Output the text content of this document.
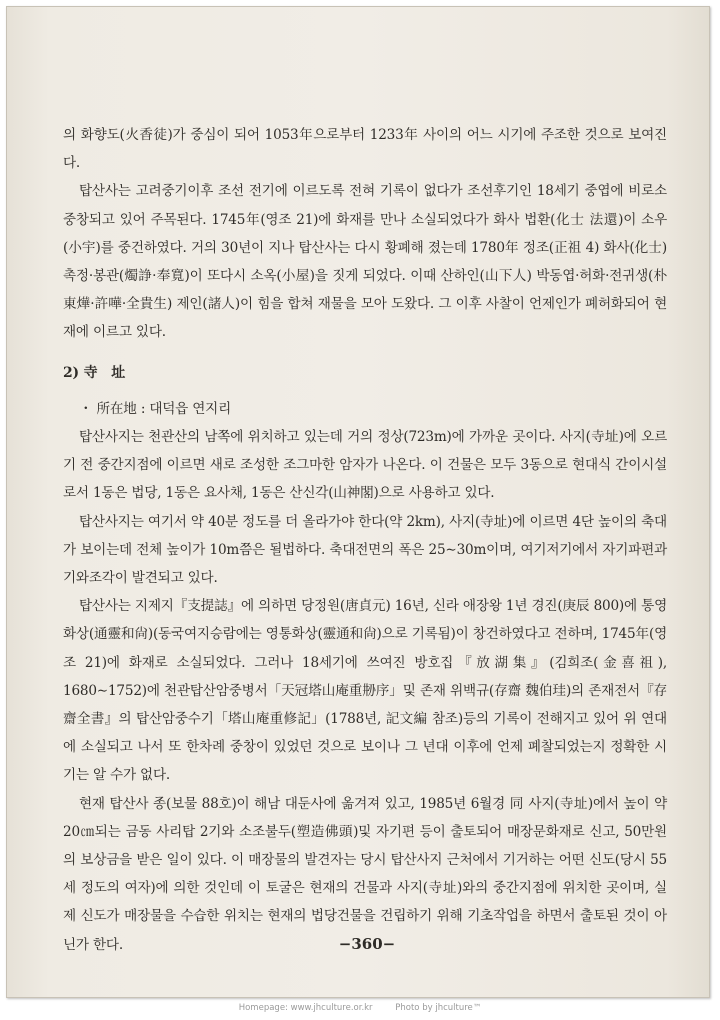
의 화향도(火香徒)가 중심이 되어 1053年으로부터 1233年 사이의 어느 시기에 주조한 것으로 보여진다.

탑산사는 고려중기이후 조선 전기에 이르도록 전혀 기록이 없다가 조선후기인 18세기 중엽에 비로소 중창되고 있어 주목된다. 1745年(영조 21)에 화재를 만나 소실되었다가 화사 법환(化士 法還)이 소우(小宇)를 중건하였다. 거의 30년이 지나 탑산사는 다시 황폐해 졌는데 1780年 정조(正祖 4) 화사(化士) 촉정·봉관(燭諍·奉寬)이 또다시 소옥(小屋)을 짓게 되었다. 이때 산하인(山下人) 박동엽·허화·전귀생(朴東燁·許嘩·全貴生) 제인(諸人)이 힘을 합쳐 재물을 모아 도왔다. 그 이후 사찰이 언제인가 폐허화되어 현재에 이르고 있다.

2) 寺　址

・ 所在地 : 대덕읍 연지리

탑산사지는 천관산의 남쪽에 위치하고 있는데 거의 정상(723m)에 가까운 곳이다. 사지(寺址)에 오르기 전 중간지점에 이르면 새로 조성한 조그마한 암자가 나온다. 이 건물은 모두 3동으로 현대식 간이시설로서 1동은 법당, 1동은 요사채, 1동은 산신각(山神閣)으로 사용하고 있다.

탑산사지는 여기서 약 40분 정도를 더 올라가야 한다(약 2km), 사지(寺址)에 이르면 4단 높이의 축대가 보이는데 전체 높이가 10m쯤은 될법하다. 축대전면의 폭은 25∼30m이며, 여기저기에서 자기파편과 기와조각이 발견되고 있다.

탑산사는 지제지『支提誌』에 의하면 당정원(唐貞元) 16년, 신라 애장왕 1년 경진(庚辰 800)에 통영화상(通靈和尙)(동국여지승람에는 영통화상(靈通和尙)으로 기록됨)이 창건하였다고 전하며, 1745年(영조 21)에 화재로 소실되었다. 그러나 18세기에 쓰여진 방호집『放湖集』(김희조(金喜祖), 1680∼1752)에 천관탑산암중병서「天冠塔山庵重刱序」및 존재 위백규(存齋 魏伯珪)의 존재전서『存齋全書』의 탑산암중수기「塔山庵重修記」(1788년, 記文編 참조)등의 기록이 전해지고 있어 위 연대에 소실되고 나서 또 한차례 중창이 있었던 것으로 보이나 그 년대 이후에 언제 폐찰되었는지 정확한 시기는 알 수가 없다.

현재 탑산사 종(보물 88호)이 해남 대둔사에 옮겨져 있고, 1985년 6월경 同 사지(寺址)에서 높이 약 20㎝되는 금동 사리탑 2기와 소조불두(塑造佛頭)및 자기편 등이 출토되어 매장문화재로 신고, 50만원의 보상금을 받은 일이 있다. 이 매장물의 발견자는 당시 탑산사지 근처에서 기거하는 어떤 신도(당시 55세 정도의 여자)에 의한 것인데 이 토굴은 현재의 건물과 사지(寺址)와의 중간지점에 위치한 곳이며, 실제 신도가 매장물을 수습한 위치는 현재의 법당건물을 건립하기 위해 기초작업을 하면서 출토된 것이 아닌가 한다.	−360−
Homepage: www.jhculture.or.kr	Photo by jhculture™
